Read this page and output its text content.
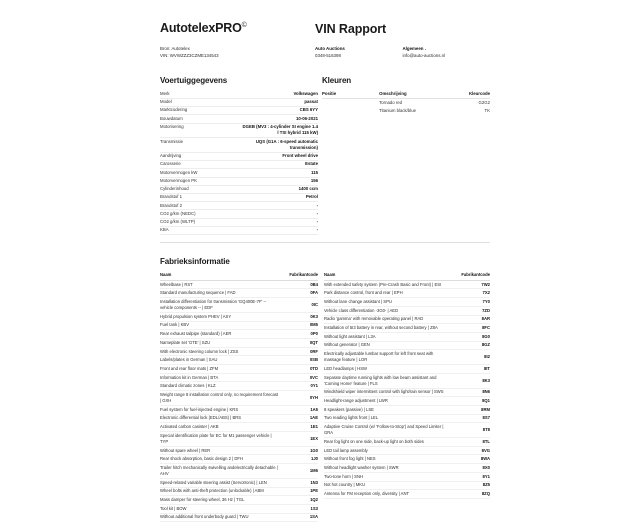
AutotelexPRO©
Bron: Autotelex
VIN: WVWZZZ3CZME134543
VIN Rapport
Auto Auctions
0348-516398
Algemeen .
info@auto-auctions.nl
Voertuiggegevens
Merk	Volkswagen
Model	passat
Marktcodering	CBS 6YY
Bouwdatum	10-06-2021
Motorisering	DGEB (MV3 : 4-cylinder SI engine 1.4 l TSI hybrid 115 kW)
Transmissie	UQS (G1A : 6-speed automatic transmission)
Aandrijving	Front wheel drive
Carosserie	Estate
Motorvermogen kW	115
Motorvermogen PK	156
Cylinderinhoud	1400 ccm
Brandstof 1	Petrol
Brandstof 2	-
CO2 g/km (NEDC)	-
CO2 g/km (WLTP)	-
KBA	-
Kleuren
Positie	Omschrijving	Kleurcode
	Tornado red	G2G2
	Titanium black/blue	TK
Fabrieksinformatie
Naam	Fabrikantcode
Wheelbase | RST	0B4
Standard manufacturing sequence | FAD	0FA
Installation differentiation for transmission 'GQ400E-7F' -- vehicle components -- | EDF	0IC
Hybrid propulsion system PHEV | ASY	0K3
Fuel tank | KBV	0M5
Rear exhaust tailpipe (standard) | AER	0P0
Nameplate set 'GTE' | SZU	0QT
With electronic steering column lock | ZSS	0RF
Labels/plates in German | SAU	0SB
Front and rear floor mats | ZFM	0TD
Information kit in German | BTA	0VC
Standard climatic zones | KLZ	0Y1
Weight range 8 installation control only, no requirement forecast | GXH	0YH
Fuel system for fuel-injected engine | KRS	1A5
Electronic differential lock (EDL/ABS) | BRS	1AE
Activated carbon canister | AKB	1E1
Special identification plate for EC for M1 passenger vehicle | TYP	1EX
Without spare wheel | RER	1G0
Rear shock absorption, basic design 2 | DFH	1J0
Trailer hitch mechanically swivelling andelectrically detachable | AHV	1M6
Speed-related variable steering assist (Servotronic) | LEN	1N3
Wheel bolts with anti-theft protection (unlockable) | ABM	1PE
Mass damper for steering wheel, 36 Hz | TGL	1Q2
Tool kit | BOW	1S3
Without additional front underbody guard | TWU	1SA
Naam	Fabrikantcode
With extended safety system (Pre-Crash Basic and Front) | ESI	7W2
Park distance control, front and rear | EPH	7X2
Without lane change assistant | SPU	7Y0
Vehicle class differentiation -3G0- | AED	7ZD
Radio 'gamma' with removable operating panel | RAD	8AR
Installation of 5I3 battery in rear, without second battery | Z8A	8FC
Without light assistant | L3A	8G0
Without generator | GEN	8GZ
Electrically adjustable lumbar support for left front seat with massage feature | LOR	8I2
LED headlamps | HSW	8IT
Separate daytime running lights with low beam assistant and 'Coming Home' feature | FLS	8K3
Windshield wiper intermittent control with light/rain sensor | SWS	8N6
Headlight-range adjustment | LWR	8Q1
8 speakers (passive) | LSE	8RM
Two reading lights front | LEL	8S7
Adaptive Cruise Control (w/ 'Follow-to-Stop') and Speed Limiter | GRA	8T8
Rear fog light on one side, back-up light on both sides	8TL
LED tail lamp assembly	8VG
Without front fog light | NES	8WA
Without headlight washer system | SWR	8X0
Two-tone horn | SNH	8Y1
Not hot country | MKU	8Z5
Antenna for FM reception only, diversity | ANT	8ZQ
